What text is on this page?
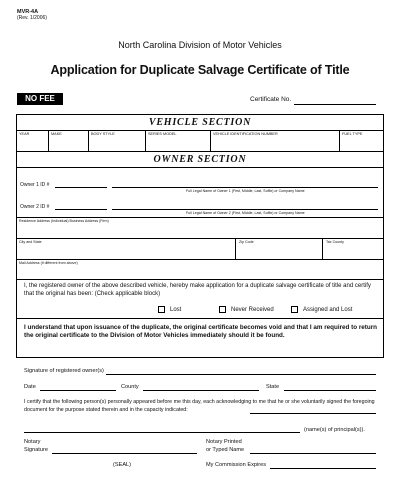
MVR-4A
(Rev. 1/2006)
North Carolina Division of Motor Vehicles
Application for Duplicate Salvage Certificate of Title
NO FEE	Certificate No.
VEHICLE SECTION
YEAR	MAKE	BODY STYLE	SERIES MODEL	VEHICLE IDENTIFICATION NUMBER	FUEL TYPE
OWNER SECTION
Owner 1 ID #
Full Legal Name of Owner 1 (First, Middle, Last, Suffix) or Company Name
Owner 2 ID #
Full Legal Name of Owner 2 (First, Middle, Last, Suffix) or Company Name
Residence Address (Individual) Business Address (Firm)
City and State	Zip Code	Tax County
Mail Address (if different from above)
I, the registered owner of the above described vehicle, hereby make application for a duplicate salvage certificate of title and certify that the original has been: (Check applicable block)
Lost	Never Received	Assigned and Lost
I understand that upon issuance of the duplicate, the original certificate becomes void and that I am required to return the original certificate to the Division of Motor Vehicles immediately should it be found.
Signature of registered owner(s)
Date	County	State
I certify that the following person(s) personally appeared before me this day, each acknowledging to me that he or she voluntarily signed the foregoing document for the purpose stated therein and in the capacity indicated:
(name(s) of principal(s)).
Notary
Signature
Notary Printed
or Typed Name
(SEAL)	My Commission Expires
